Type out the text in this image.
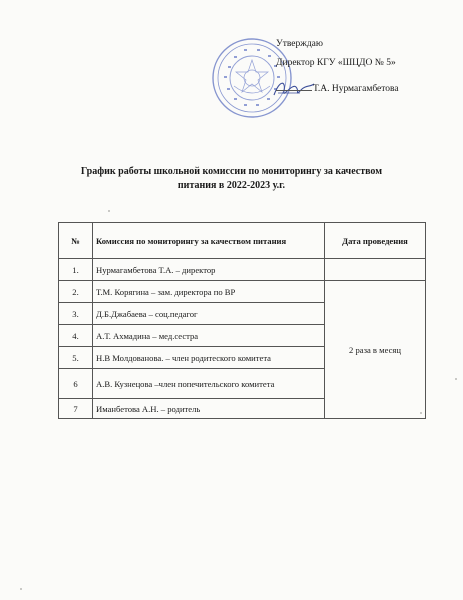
Утверждаю
Директор КГУ «ШЦДО № 5»
Т.А. Нурмагамбетова
График работы школьной комиссии по мониторингу за качеством
питания в 2022-2023 у.г.
№	Комиссия по мониторингу за качеством питания	Дата проведения
1.	Нурмагамбетова Т.А. – директор	
2.	Т.М. Корягина – зам. директора по ВР	2 раза в месяц
3.	Д.Б.Джабаева – соц.педагог	
4.	А.Т. Ахмадина – мед.сестра	
5.	Н.В Молдованова. – член родитеского комитета	
6	А.В. Кузнецова –член попечительского комитета	
7	Иманбетова А.Н. – родитель	
